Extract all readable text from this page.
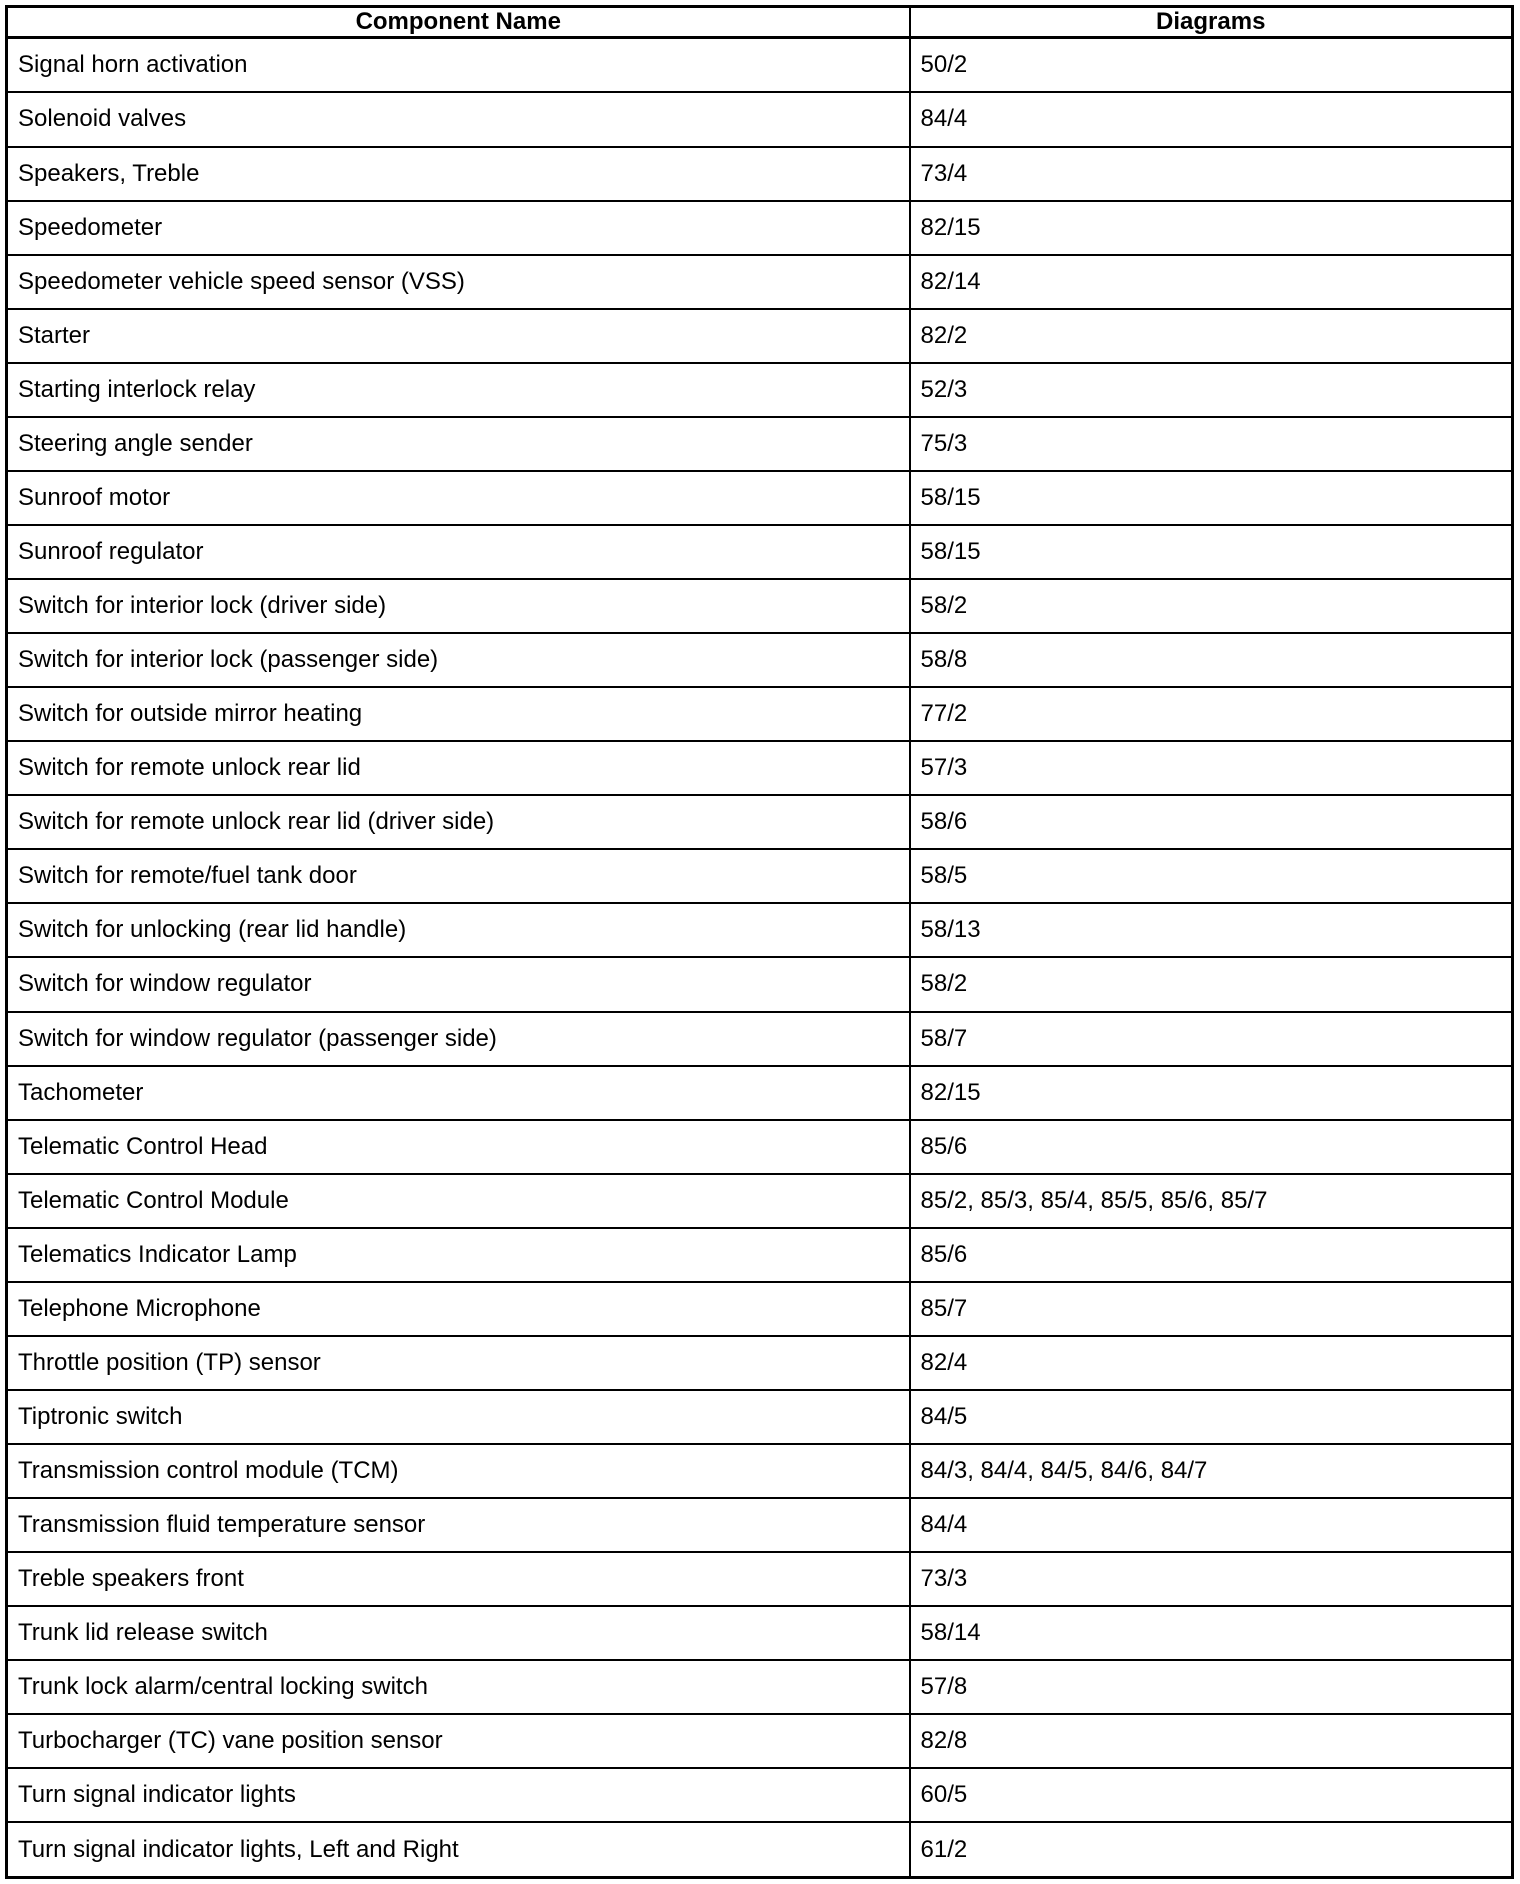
Component Name	Diagrams
Signal horn activation	50/2
Solenoid valves	84/4
Speakers, Treble	73/4
Speedometer	82/15
Speedometer vehicle speed sensor (VSS)	82/14
Starter	82/2
Starting interlock relay	52/3
Steering angle sender	75/3
Sunroof motor	58/15
Sunroof regulator	58/15
Switch for interior lock (driver side)	58/2
Switch for interior lock (passenger side)	58/8
Switch for outside mirror heating	77/2
Switch for remote unlock rear lid	57/3
Switch for remote unlock rear lid (driver side)	58/6
Switch for remote/fuel tank door	58/5
Switch for unlocking (rear lid handle)	58/13
Switch for window regulator	58/2
Switch for window regulator (passenger side)	58/7
Tachometer	82/15
Telematic Control Head	85/6
Telematic Control Module	85/2, 85/3, 85/4, 85/5, 85/6, 85/7
Telematics Indicator Lamp	85/6
Telephone Microphone	85/7
Throttle position (TP) sensor	82/4
Tiptronic switch	84/5
Transmission control module (TCM)	84/3, 84/4, 84/5, 84/6, 84/7
Transmission fluid temperature sensor	84/4
Treble speakers front	73/3
Trunk lid release switch	58/14
Trunk lock alarm/central locking switch	57/8
Turbocharger (TC) vane position sensor	82/8
Turn signal indicator lights	60/5
Turn signal indicator lights, Left and Right	61/2
